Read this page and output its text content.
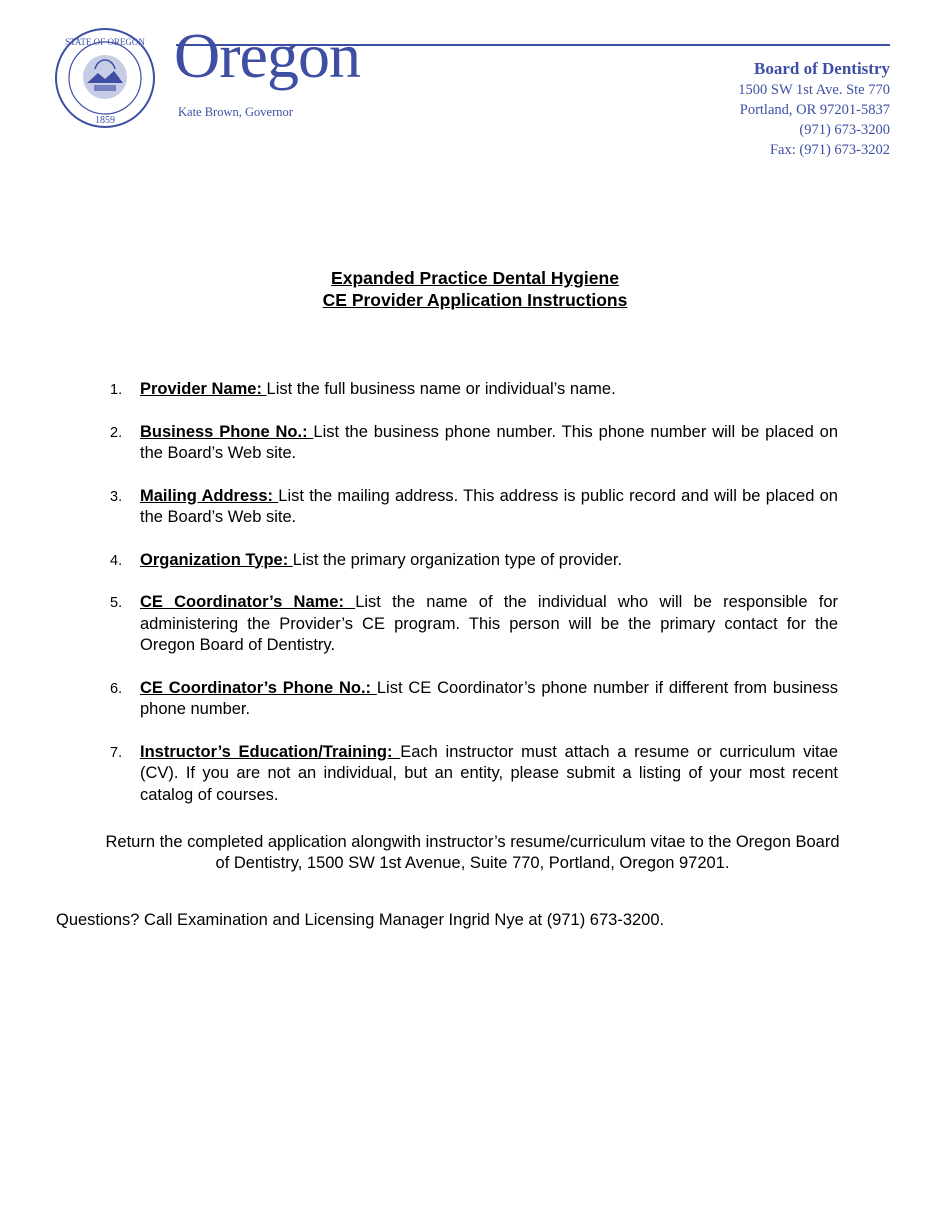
STATE OF OREGON
1859
Oregon
Kate Brown, Governor
Board of Dentistry
1500 SW 1st Ave. Ste 770
Portland, OR 97201-5837
(971) 673-3200
Fax: (971) 673-3202
Expanded Practice Dental Hygiene
CE Provider Application Instructions
1. Provider Name: List the full business name or individual’s name.
2. Business Phone No.: List the business phone number. This phone number will be placed on the Board’s Web site.
3. Mailing Address: List the mailing address. This address is public record and will be placed on the Board’s Web site.
4. Organization Type: List the primary organization type of provider.
5. CE Coordinator’s Name: List the name of the individual who will be responsible for administering the Provider’s CE program. This person will be the primary contact for the Oregon Board of Dentistry.
6. CE Coordinator’s Phone No.: List CE Coordinator’s phone number if different from business phone number.
7. Instructor’s Education/Training: Each instructor must attach a resume or curriculum vitae (CV). If you are not an individual, but an entity, please submit a listing of your most recent catalog of courses.
Return the completed application alongwith instructor’s resume/curriculum vitae to the Oregon Board of Dentistry, 1500 SW 1st Avenue, Suite 770, Portland, Oregon 97201.
Questions? Call Examination and Licensing Manager Ingrid Nye at (971) 673-3200.
